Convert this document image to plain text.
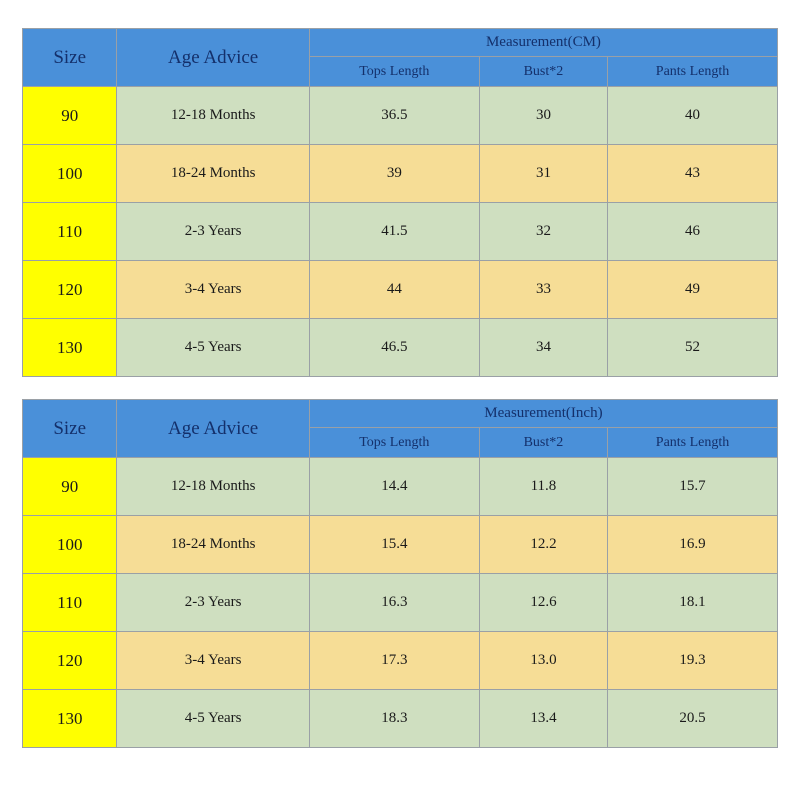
Size	Age Advice	Measurement(CM)		
		Tops Length	Bust*2	Pants Length
90	12-18 Months	36.5	30	40
100	18-24 Months	39	31	43
110	2-3 Years	41.5	32	46
120	3-4 Years	44	33	49
130	4-5 Years	46.5	34	52
Size	Age Advice	Measurement(Inch)		
		Tops Length	Bust*2	Pants Length
90	12-18 Months	14.4	11.8	15.7
100	18-24 Months	15.4	12.2	16.9
110	2-3 Years	16.3	12.6	18.1
120	3-4 Years	17.3	13.0	19.3
130	4-5 Years	18.3	13.4	20.5
